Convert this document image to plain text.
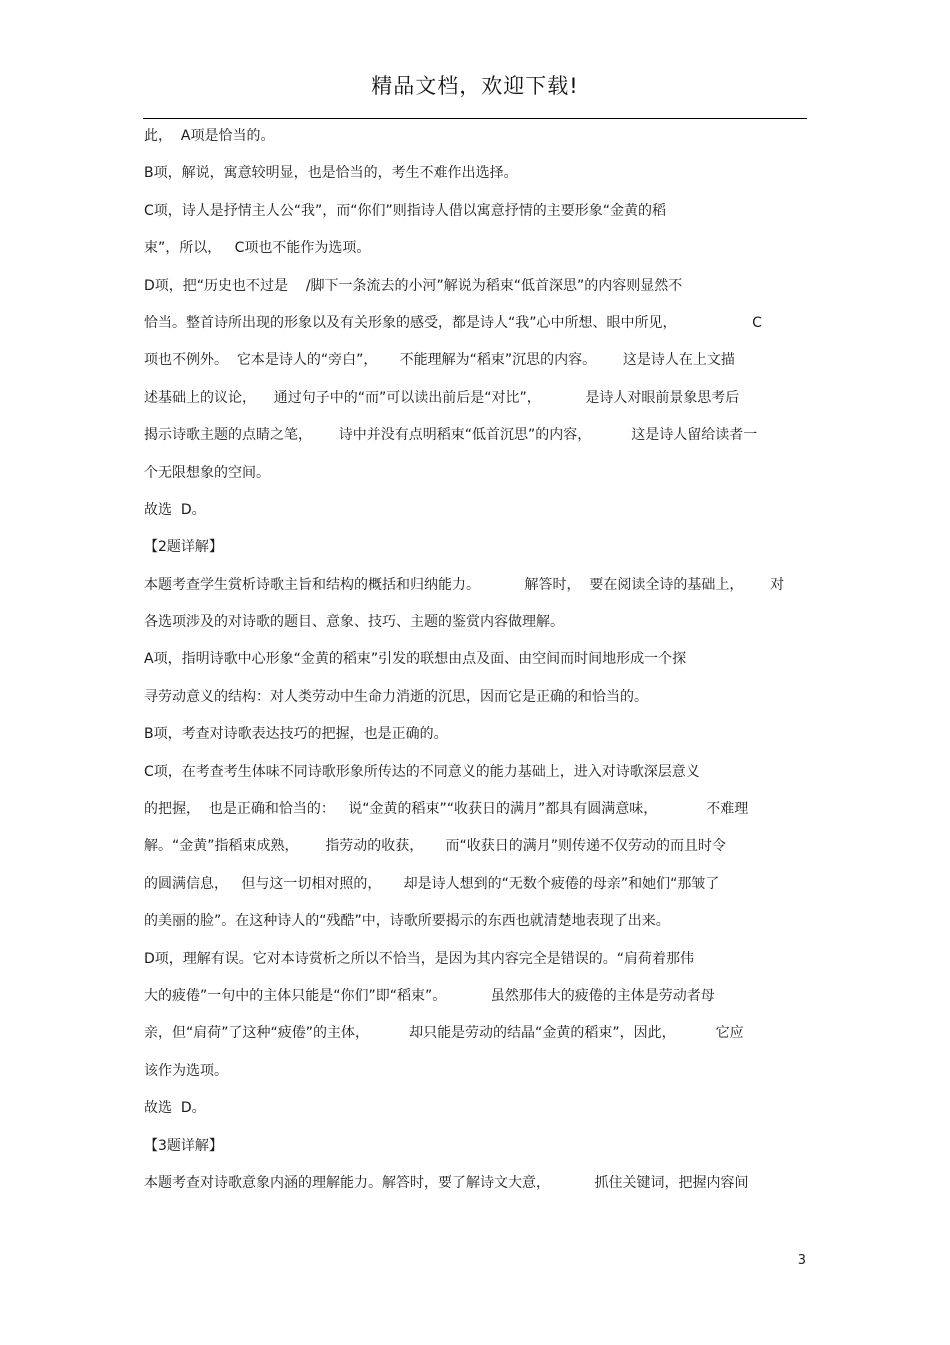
精品文档，欢迎下载!
此，  A项是恰当的。
B项，解说，寓意较明显，也是恰当的，考生不难作出选择。
C项，诗人是抒情主人公“我”，而“你们”则指诗人借以寓意抒情的主要形象“金黄的稻
束”，所以，   C项也不能作为选项。
D项，把“历史也不过是    /脚下一条流去的小河”解说为稻束“低首深思”的内容则显然不
恰当。整首诗所出现的形象以及有关形象的感受，都是诗人“我”心中所想、眼中所见，                 C
项也不例外。  它本是诗人的“旁白”，     不能理解为“稻束”沉思的内容。      这是诗人在上文描
述基础上的议论，    通过句子中的“而”可以读出前后是“对比”，          是诗人对眼前景象思考后
揭示诗歌主题的点睛之笔，      诗中并没有点明稻束“低首沉思”的内容，         这是诗人留给读者一
个无限想象的空间。
故选  D。
【2题详解】
本题考查学生赏析诗歌主旨和结构的概括和归纳能力。          解答时，  要在阅读全诗的基础上，      对
各选项涉及的对诗歌的题目、意象、技巧、主题的鉴赏内容做理解。
A项，指明诗歌中心形象“金黄的稻束”引发的联想由点及面、由空间而时间地形成一个探
寻劳动意义的结构：对人类劳动中生命力消逝的沉思，因而它是正确的和恰当的。
B项，考查对诗歌表达技巧的把握，也是正确的。
C项，在考查考生体味不同诗歌形象所传达的不同意义的能力基础上，进入对诗歌深层意义
的把握，  也是正确和恰当的：   说“金黄的稻束”“收获日的满月”都具有圆满意味，           不难理
解。“金黄”指稻束成熟，      指劳动的收获，     而“收获日的满月”则传递不仅劳动的而且时令
的圆满信息，   但与这一切相对照的，     却是诗人想到的“无数个疲倦的母亲”和她们“那皱了
的美丽的脸”。在这种诗人的“残酷”中，诗歌所要揭示的东西也就清楚地表现了出来。
D项，理解有误。它对本诗赏析之所以不恰当，是因为其内容完全是错误的。“肩荷着那伟
大的疲倦”一句中的主体只能是“你们”即“稻束”。          虽然那伟大的疲倦的主体是劳动者母
亲，但“肩荷”了这种“疲倦”的主体，         却只能是劳动的结晶“金黄的稻束”，因此，         它应
该作为选项。
故选  D。
【3题详解】
本题考查对诗歌意象内涵的理解能力。解答时，要了解诗文大意，          抓住关键词，把握内容间
3
